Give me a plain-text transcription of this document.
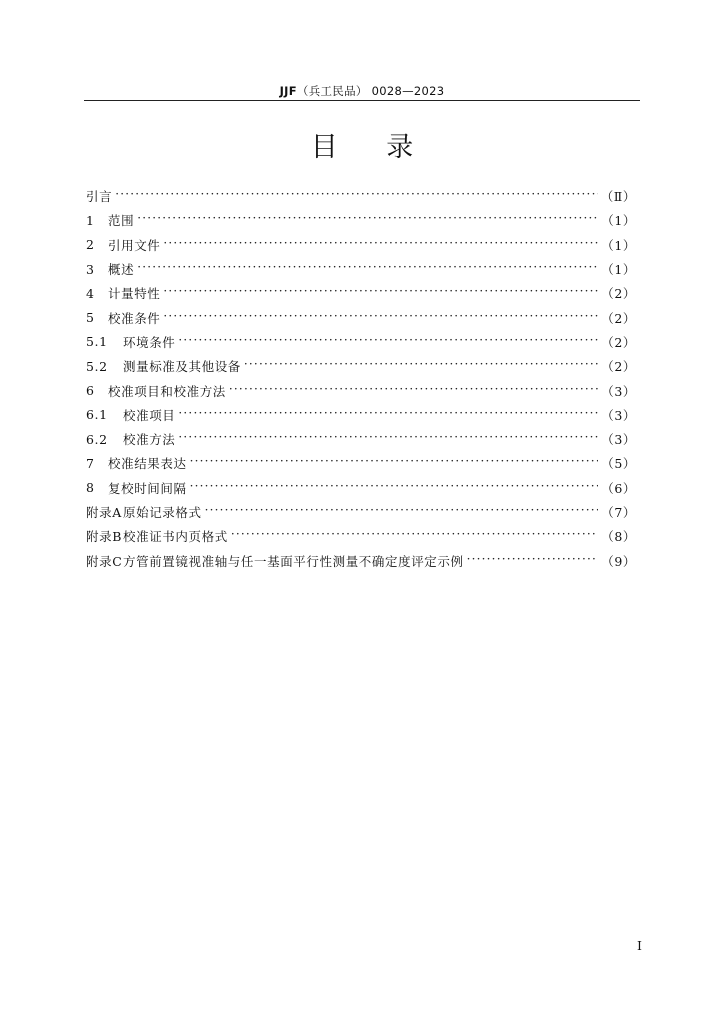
JJF（兵工民品） 0028—2023
目 录
引言 ·····	（Ⅱ）
1	范围 ·····	（1）
2	引用文件 ·····	（1）
3	概述 ·····	（1）
4	计量特性 ·····	（2）
5	校准条件 ·····	（2）
5.1	环境条件 ·····	（2）
5.2	测量标准及其他设备 ·····	（2）
6	校准项目和校准方法 ·····	（3）
6.1	校准项目 ·····	（3）
6.2	校准方法 ·····	（3）
7	校准结果表达 ·····	（5）
8	复校时间间隔 ·····	（6）
附录A 原始记录格式 ·····	（7）
附录B 校准证书内页格式 ·····	（8）
附录C 方管前置镜视准轴与任一基面平行性测量不确定度评定示例 ·····	（9）
I
